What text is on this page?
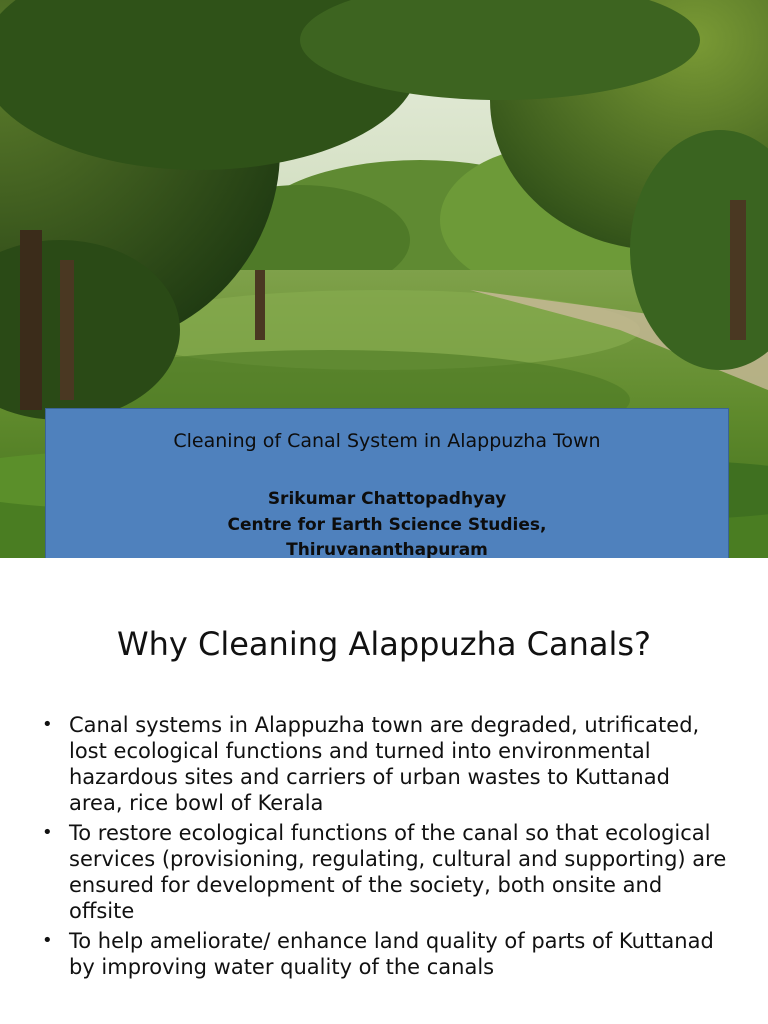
Cleaning of Canal System in Alappuzha Town
Srikumar Chattopadhyay
Centre for Earth Science Studies,
Thiruvananthapuram
Why Cleaning Alappuzha Canals?
• Canal systems in Alappuzha town are degraded, utrificated, lost ecological functions and turned into environmental hazardous sites and carriers of urban wastes to Kuttanad area, rice bowl of Kerala
• To restore ecological functions of the canal so that ecological services (provisioning, regulating, cultural and supporting) are ensured for development of the society, both onsite and offsite
• To help ameliorate/ enhance land quality of parts of Kuttanad by improving water quality of the canals
